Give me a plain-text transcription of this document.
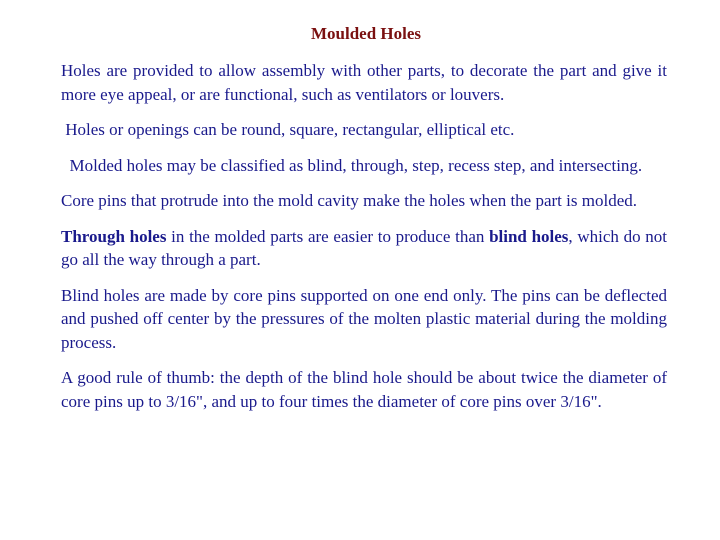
Moulded Holes

Holes are provided to allow assembly with other parts, to decorate the part and give it more eye appeal, or are functional, such as ventilators or louvers.

Holes or openings can be round, square, rectangular, elliptical etc.

Molded holes may be classified as blind, through, step, recess step, and intersecting.

Core pins that protrude into the mold cavity make the holes when the part is molded.

Through holes in the molded parts are easier to produce than blind holes, which do not go all the way through a part.

Blind holes are made by core pins supported on one end only. The pins can be deflected and pushed off center by the pressures of the molten plastic material during the molding process.

A good rule of thumb: the depth of the blind hole should be about twice the diameter of core pins up to 3/16", and up to four times the diameter of core pins over 3/16".
